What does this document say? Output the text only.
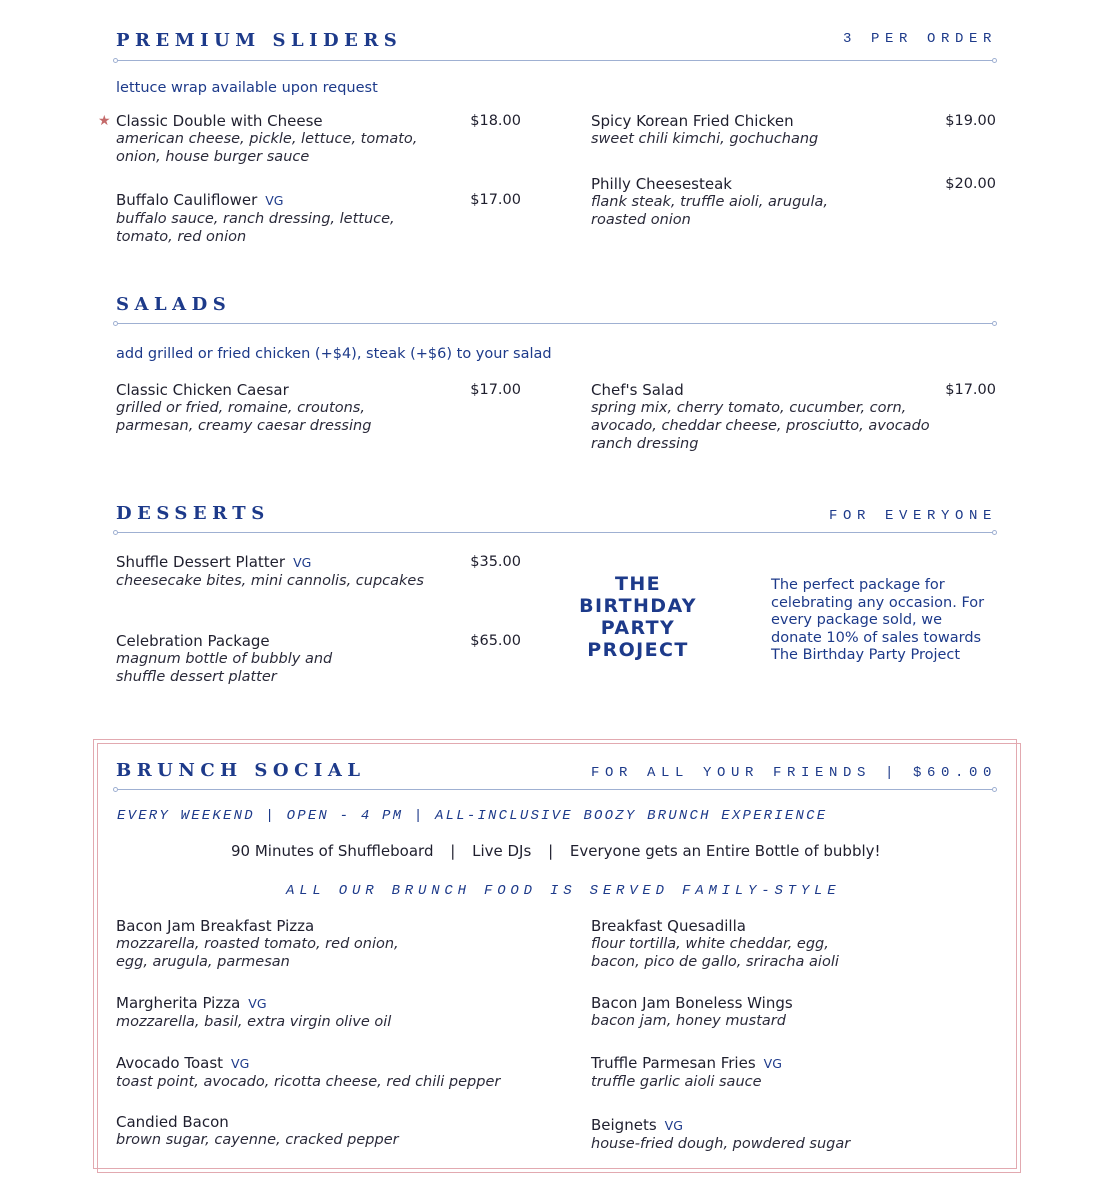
PREMIUM SLIDERS	3 PER ORDER
lettuce wrap available upon request
★ Classic Double with Cheese
american cheese, pickle, lettuce, tomato, onion, house burger sauce
$18.00
Buffalo Cauliflower VG
buffalo sauce, ranch dressing, lettuce, tomato, red onion
$17.00
Spicy Korean Fried Chicken
sweet chili kimchi, gochuchang
$19.00
Philly Cheesesteak
flank steak, truffle aioli, arugula, roasted onion
$20.00
SALADS
add grilled or fried chicken (+$4), steak (+$6) to your salad
Classic Chicken Caesar
grilled or fried, romaine, croutons, parmesan, creamy caesar dressing
$17.00	Chef's Salad
spring mix, cherry tomato, cucumber, corn, avocado, cheddar cheese, prosciutto, avocado ranch dressing
$17.00
DESSERTS	FOR EVERYONE
Shuffle Dessert Platter VG
cheesecake bites, mini cannolis, cupcakes
$35.00
Celebration Package
magnum bottle of bubbly and shuffle dessert platter
$65.00
THE
BIRTHDAY
PARTY
PROJECT
The perfect package for celebrating any occasion. For every package sold, we donate 10% of sales towards The Birthday Party Project
BRUNCH SOCIAL	FOR ALL YOUR FRIENDS | $60.00
EVERY WEEKEND | OPEN - 4 PM | ALL-INCLUSIVE BOOZY BRUNCH EXPERIENCE
90 Minutes of Shuffleboard | Live DJs | Everyone gets an Entire Bottle of bubbly!
ALL OUR BRUNCH FOOD IS SERVED FAMILY-STYLE
Bacon Jam Breakfast Pizza
mozzarella, roasted tomato, red onion, egg, arugula, parmesan
Margherita Pizza VG
mozzarella, basil, extra virgin olive oil
Avocado Toast VG
toast point, avocado, ricotta cheese, red chili pepper
Candied Bacon
brown sugar, cayenne, cracked pepper
Breakfast Quesadilla
flour tortilla, white cheddar, egg, bacon, pico de gallo, sriracha aioli
Bacon Jam Boneless Wings
bacon jam, honey mustard
Truffle Parmesan Fries VG
truffle garlic aioli sauce
Beignets VG
house-fried dough, powdered sugar
